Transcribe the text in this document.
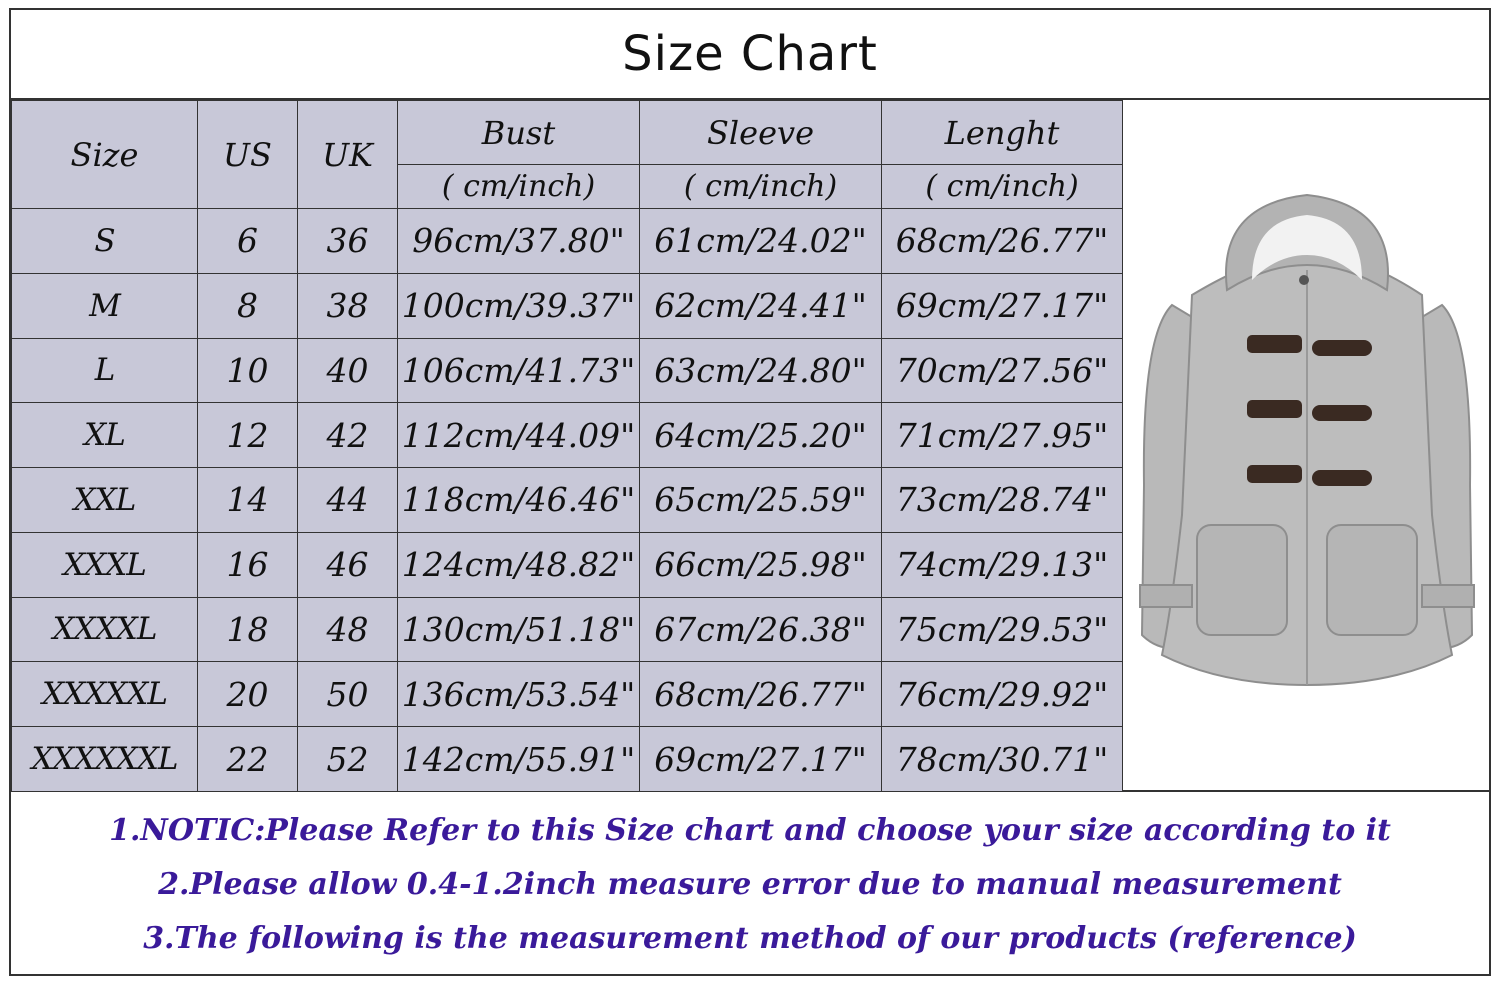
Size Chart
Size	US	UK	Bust	Sleeve	Lenght
			( cm/inch)	( cm/inch)	( cm/inch)
S	6	36	96cm/37.80"	61cm/24.02"	68cm/26.77"
M	8	38	100cm/39.37"	62cm/24.41"	69cm/27.17"
L	10	40	106cm/41.73"	63cm/24.80"	70cm/27.56"
XL	12	42	112cm/44.09"	64cm/25.20"	71cm/27.95"
XXL	14	44	118cm/46.46"	65cm/25.59"	73cm/28.74"
XXXL	16	46	124cm/48.82"	66cm/25.98"	74cm/29.13"
XXXXL	18	48	130cm/51.18"	67cm/26.38"	75cm/29.53"
XXXXXL	20	50	136cm/53.54"	68cm/26.77"	76cm/29.92"
XXXXXXL	22	52	142cm/55.91"	69cm/27.17"	78cm/30.71"
1.NOTIC:Please Refer to this Size chart and choose your size according to it
2.Please allow 0.4-1.2inch measure error due to manual measurement
3.The following is the measurement method of our products (reference)
